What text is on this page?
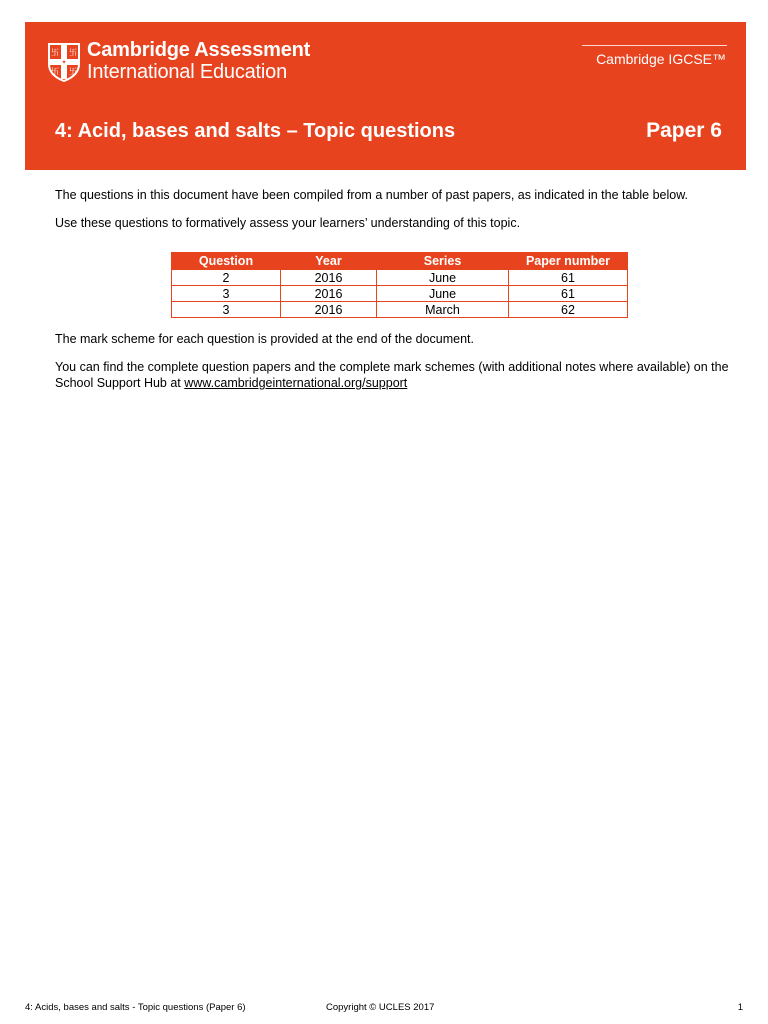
卐 卐
卐 卐
✦
Cambridge Assessment
International Education
Cambridge IGCSE™
4: Acid, bases and salts – Topic questions	Paper 6
The questions in this document have been compiled from a number of past papers, as indicated in the table below.
Use these questions to formatively assess your learners’ understanding of this topic.
Question	Year	Series	Paper number
2	2016	June	61
3	2016	June	61
3	2016	March	62
The mark scheme for each question is provided at the end of the document.
You can find the complete question papers and the complete mark schemes (with additional notes where available) on the School Support Hub at www.cambridgeinternational.org/support
4: Acids, bases and salts - Topic questions (Paper 6)	Copyright © UCLES 2017	1
